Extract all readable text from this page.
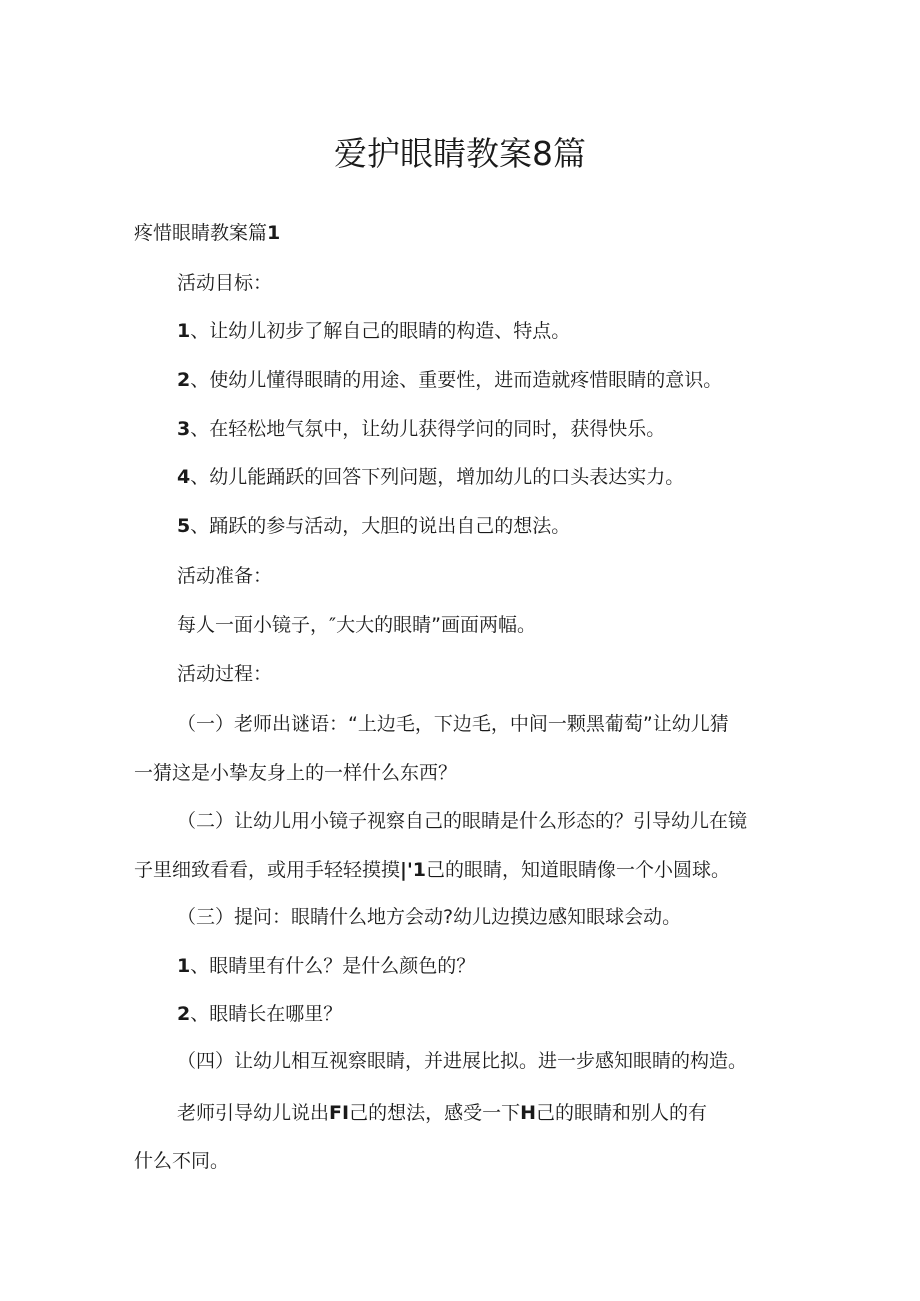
爱护眼睛教案8篇

疼惜眼睛教案篇1

活动目标：

1、让幼儿初步了解自己的眼睛的构造、特点。

2、使幼儿懂得眼睛的用途、重要性，进而造就疼惜眼睛的意识。

3、在轻松地气氛中，让幼儿获得学问的同时，获得快乐。

4、幼儿能踊跃的回答下列问题，增加幼儿的口头表达实力。

5、踊跃的参与活动，大胆的说出自己的想法。

活动准备：

每人一面小镜子，″大大的眼睛”画面两幅。

活动过程：

（一）老师出谜语：“上边毛，下边毛，中间一颗黑葡萄”让幼儿猜

一猜这是小挚友身上的一样什么东西？

（二）让幼儿用小镜子视察自己的眼睛是什么形态的？引导幼儿在镜

子里细致看看，或用手轻轻摸摸|'1己的眼睛，知道眼睛像一个小圆球。

（三）提问：眼睛什么地方会动?幼儿边摸边感知眼球会动。

1、眼睛里有什么？是什么颜色的？

2、眼睛长在哪里？

（四）让幼儿相互视察眼睛，并进展比拟。进一步感知眼睛的构造。

老师引导幼儿说出FI己的想法，感受一下H己的眼睛和别人的有

什么不同。
